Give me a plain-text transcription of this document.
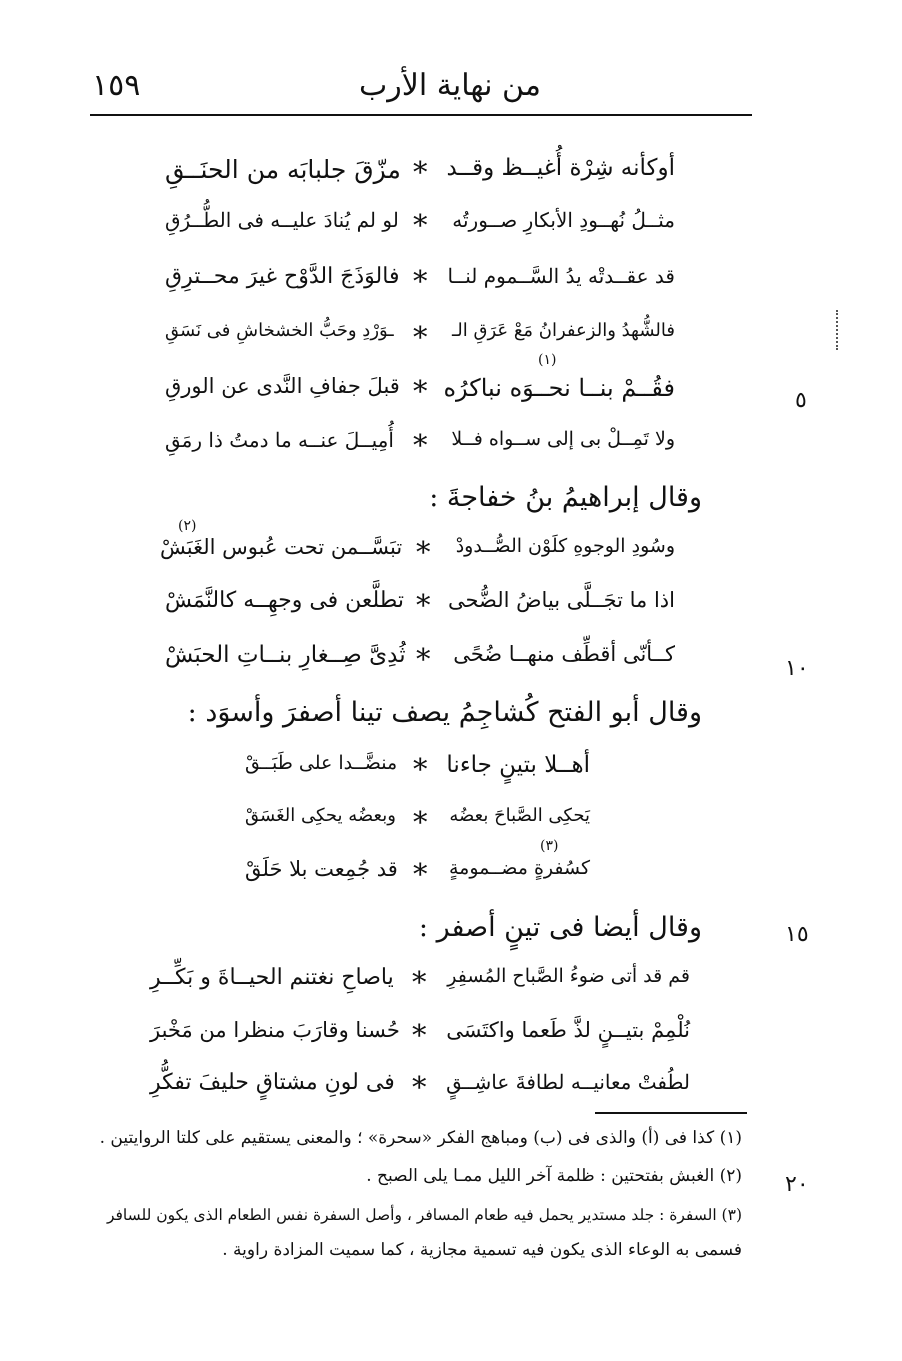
من نهاية الأرب
١٥٩
أوكأنه شِرْة أُغيــظ وقــد
*
مزّقَ جلبابَه من الحنَــقِ
مثــلُ نُهــودِ الأبكارِ صــورتُه
*
لو لم يُنادَ عليــه فى الطُّــرُقِ
قد عقــدتْه يدُ السَّــموم لنــا
*
فالوَذَجَ الدَّوْح غيرَ محــترِقِ
فالشُّهدُ والزعفرانُ مَعْ عَرَقِ الـ
*
ـوَرْدِ وحَبُّ الخشخاشِ فى نَسَقِ
فقُــمْ بنــا نحــوَه نباكرُه
*
قبلَ جفافِ النَّدى عن الورقِ
(١)
ولا تَمِــلْ بى إلى ســواه فــلا
*
أُمِيــلَ عنــه ما دمتُ ذا رمَقِ
وقال إبراهيمُ بنُ خفاجةَ :
(٢)
وسُودِ الوجوهِ كلَوْن الصُّــدودْ
*
تبَسَّــمن تحت عُبوس الغَبَشْ
اذا ما تجَــلَّى بياضُ الضُّحى
*
تطلَّعن فى وجهِــه كالنَّمَشْ
كــأنّى أقطِّف منهــا ضُحًى
*
ثُدِىَّ صِــغارِ بنــاتِ الحبَشْ
وقال أبو الفتح كُشاجِمُ يصف تينا أصفرَ وأسوَد :
أهــلا بتينٍ جاءنا
*
منضَّــدا على طَبَــقْ
يَحكِى الصَّباحَ بعضُه
*
وبعضُه يحكِى الغَسَقْ
(٣)
كسُفرةٍ مضــمومةٍ
*
قد جُمِعت بلا حَلَقْ
وقال أيضا فى تينٍ أصفر :
قم قد أتى ضوءُ الصَّباح المُسفِرِ
*
ياصاحِ نغتنم الحيــاةَ و بَكِّــرِ
نُلْمِمْ بتيــنٍ لذَّ طَعما واكتَسَى
*
حُسنا وقارَبَ منظرا من مَخْبرَ
لطُفتْ معانيــه لطافةَ عاشِــقٍ
*
فى لونِ مشتاقٍ حليفَ تفكُّرِ
٥
١٠
١٥
٢٠
(١) كذا فى (أ) والذى فى (ب) ومباهج الفكر «سحرة» ؛ والمعنى يستقيم على كلتا الروايتين .
(٢) الغبش بفتحتين : ظلمة آخر الليل ممـا يلى الصبح .
(٣) السفرة : جلد مستدير يحمل فيه طعام المسافر ، وأصل السفرة نفس الطعام الذى يكون للسافر
فسمى به الوعاء الذى يكون فيه تسمية مجازية ، كما سميت المزادة راوية .
